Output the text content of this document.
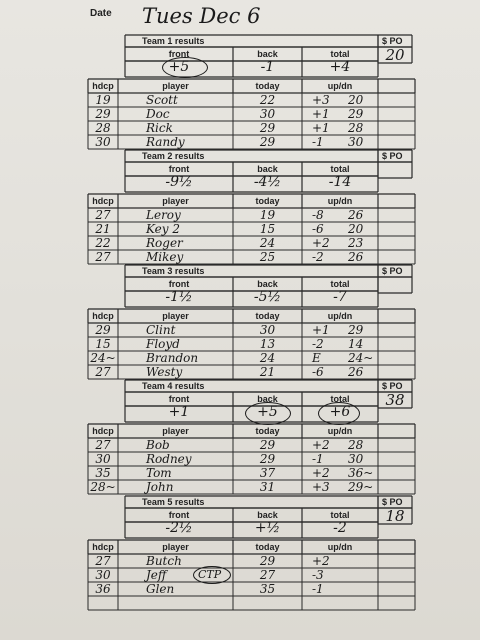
Date Tues Dec 6
Team 1 results	$ PO
20
front	back	total
+5	-1	+4
hdcp	player	today	up/dn
19	Scott	22	+3 20
29	Doc	30	+1 29
28	Rick	29	+1 28
30	Randy	29	-1 30
Team 2 results	$ PO
front	back	total
-9½	-4½	-14
hdcp	player	today	up/dn
27	Leroy	19	-8 26
21	Key 2	15	-6 20
22	Roger	24	+2 23
27	Mikey	25	-2 26
Team 3 results	$ PO
front	back	total
-1½	-5½	-7
hdcp	player	today	up/dn
29	Clint	30	+1 29
15	Floyd	13	-2 14
24~	Brandon	24	E 24~
27	Westy	21	-6 26
Team 4 results	$ PO
38
front	back	total
+1	+5	+6
hdcp	player	today	up/dn
27	Bob	29	+2 28
30	Rodney	29	-1 30
35	Tom	37	+2 36~
28~	John	31	+3 29~
Team 5 results	$ PO
18
front	back	total
-2½	+½	-2
hdcp	player	today	up/dn
27	Butch	29	+2
30	Jeff	27	-3
CTP
36	Glen	35	-1
